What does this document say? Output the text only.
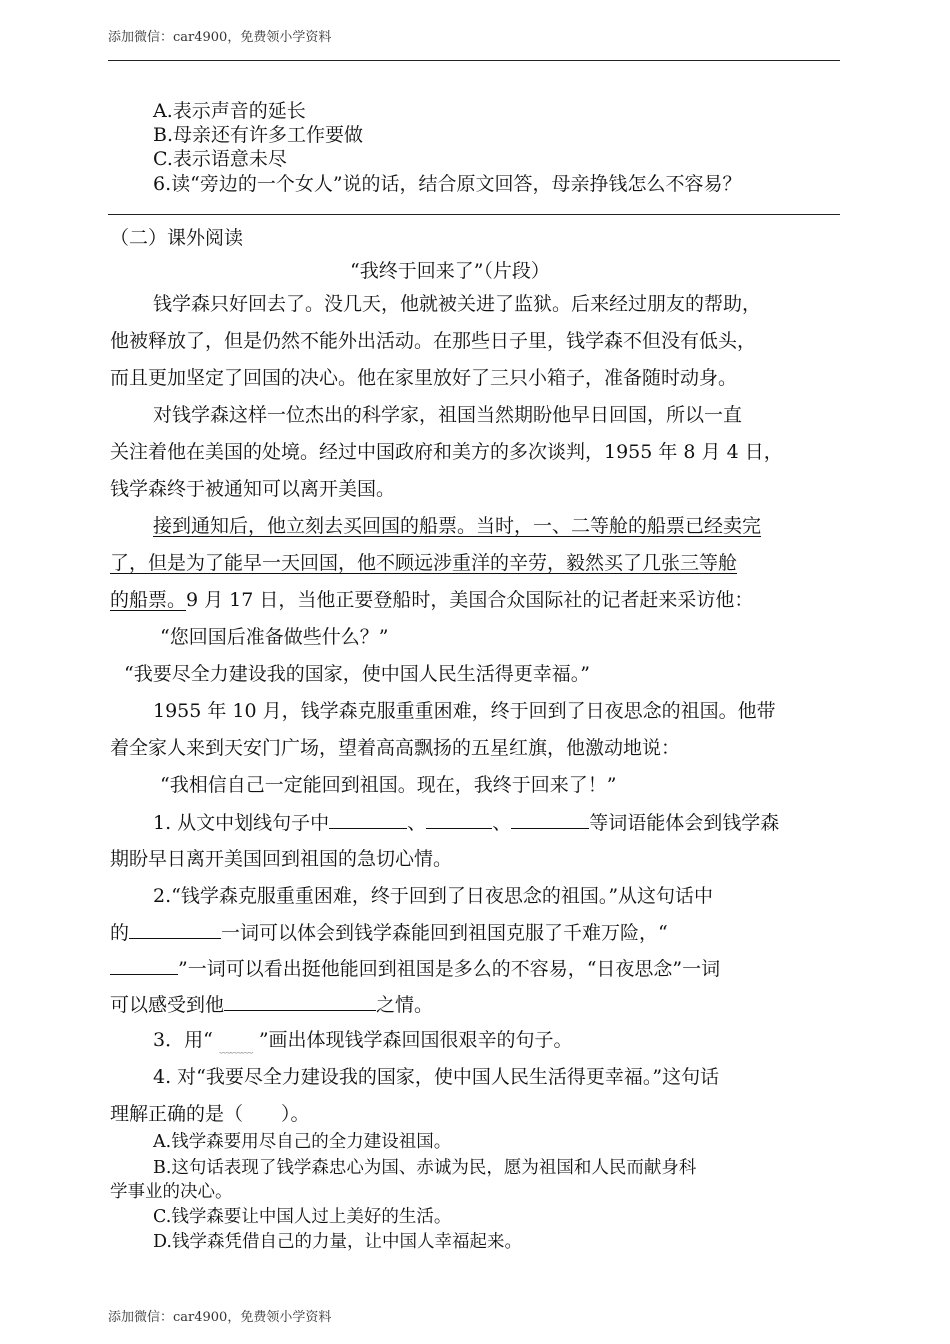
添加微信：car4900，免费领小学资料
A.表示声音的延长
B.母亲还有许多工作要做
C.表示语意未尽
6.读“旁边的一个女人”说的话，结合原文回答，母亲挣钱怎么不容易？
（二）课外阅读
“我终于回来了”（片段）
钱学森只好回去了。没几天，他就被关进了监狱。后来经过朋友的帮助，
他被释放了，但是仍然不能外出活动。在那些日子里，钱学森不但没有低头，
而且更加坚定了回国的决心。他在家里放好了三只小箱子，准备随时动身。
对钱学森这样一位杰出的科学家，祖国当然期盼他早日回国，所以一直
关注着他在美国的处境。经过中国政府和美方的多次谈判，1955 年 8 月 4 日，
钱学森终于被通知可以离开美国。
接到通知后，他立刻去买回国的船票。当时，一、二等舱的船票已经卖完
了，但是为了能早一天回国，他不顾远涉重洋的辛劳，毅然买了几张三等舱
的船票。9 月 17 日，当他正要登船时，美国合众国际社的记者赶来采访他：
“您回国后准备做些什么？”
“我要尽全力建设我的国家，使中国人民生活得更幸福。”
1955 年 10 月，钱学森克服重重困难，终于回到了日夜思念的祖国。他带
着全家人来到天安门广场，望着高高飘扬的五星红旗，他激动地说：
“我相信自己一定能回到祖国。现在，我终于回来了！”
1. 从文中划线句子中	、	、	等词语能体会到钱学森
期盼早日离开美国回到祖国的急切心情。
2.“钱学森克服重重困难，终于回到了日夜思念的祖国。”从这句话中
的	一词可以体会到钱学森能回到祖国克服了千难万险，“
”一词可以看出挺他能回到祖国是多么的不容易，“日夜思念”一词
可以感受到他	之情。
3．用“ ﹏﹏﹏ ”画出体现钱学森回国很艰辛的句子。
4. 对“我要尽全力建设我的国家，使中国人民生活得更幸福。”这句话
理解正确的是（　　）。
A.钱学森要用尽自己的全力建设祖国。
B.这句话表现了钱学森忠心为国、赤诚为民，愿为祖国和人民而献身科
学事业的决心。
C.钱学森要让中国人过上美好的生活。
D.钱学森凭借自己的力量，让中国人幸福起来。
添加微信：car4900，免费领小学资料
